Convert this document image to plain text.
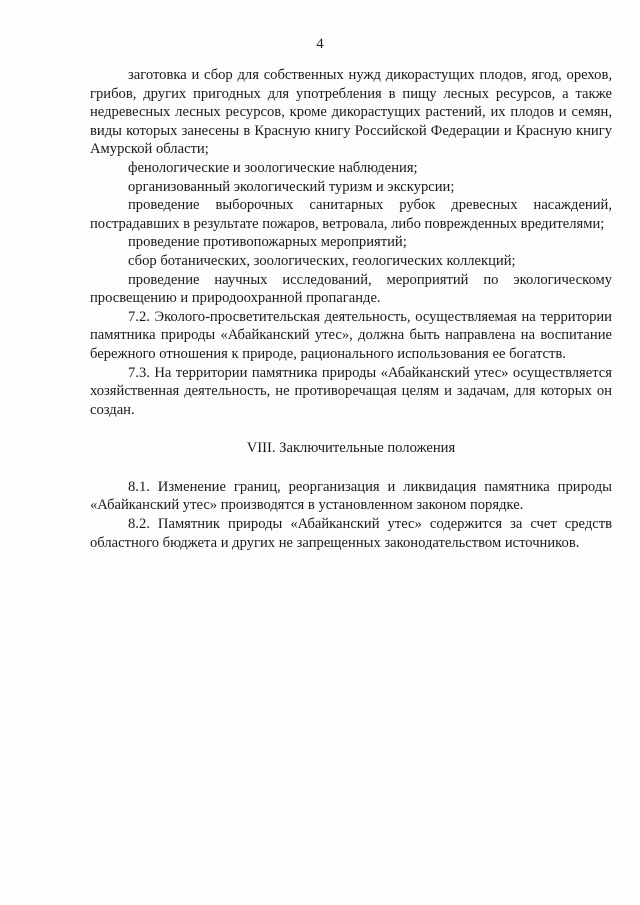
4

заготовка и сбор для собственных нужд дикорастущих плодов, ягод, орехов, грибов, других пригодных для употребления в пищу лесных ресурсов, а также недревесных лесных ресурсов, кроме дикорастущих растений, их плодов и семян, виды которых занесены в Красную книгу Российской Федерации и Красную книгу Амурской области;

фенологические и зоологические наблюдения;

организованный экологический туризм и экскурсии;

проведение выборочных санитарных рубок древесных насаждений, пострадавших в результате пожаров, ветровала, либо поврежденных вредителями;

проведение противопожарных мероприятий;

сбор ботанических, зоологических, геологических коллекций;

проведение научных исследований, мероприятий по экологическому просвещению и природоохранной пропаганде.

7.2. Эколого-просветительская деятельность, осуществляемая на территории памятника природы «Абайканский утес», должна быть направлена на воспитание бережного отношения к природе, рационального использования ее богатств.

7.3. На территории памятника природы «Абайканский утес» осуществляется хозяйственная деятельность, не противоречащая целям и задачам, для которых он создан.

VIII. Заключительные положения

8.1. Изменение границ, реорганизация и ликвидация памятника природы «Абайканский утес» производятся в установленном законом порядке.

8.2. Памятник природы «Абайканский утес» содержится за счет средств областного бюджета и других не запрещенных законодательством источников.
